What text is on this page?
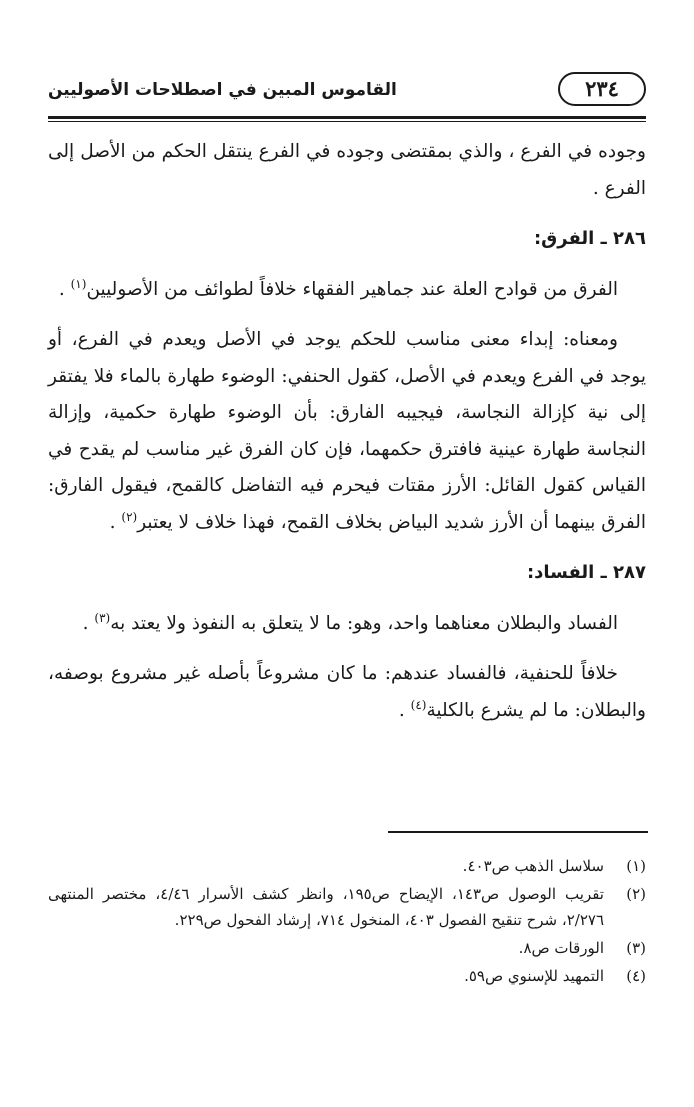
القاموس المبين في اصطلاحات الأصوليين	٢٣٤

وجوده في الفرع ، والذي بمقتضى وجوده في الفرع ينتقل الحكم من الأصل إلى الفرع .

٢٨٦ ـ الفرق:

الفرق من قوادح العلة عند جماهير الفقهاء خلافاً لطوائف من الأصوليين$^{(١)}$ .

ومعناه: إبداء معنى مناسب للحكم يوجد في الأصل ويعدم في الفرع، أو يوجد في الفرع ويعدم في الأصل، كقول الحنفي: الوضوء طهارة بالماء فلا يفتقر إلى نية كإزالة النجاسة، فيجيبه الفارق: بأن الوضوء طهارة حكمية، وإزالة النجاسة طهارة عينية فافترق حكمهما، فإن كان الفرق غير مناسب لم يقدح في القياس كقول القائل: الأرز مقتات فيحرم فيه التفاضل كالقمح، فيقول الفارق: الفرق بينهما أن الأرز شديد البياض بخلاف القمح، فهذا خلاف لا يعتبر$^{(٢)}$ .

٢٨٧ ـ الفساد:

الفساد والبطلان معناهما واحد، وهو: ما لا يتعلق به النفوذ ولا يعتد به$^{(٣)}$ .

خلافاً للحنفية، فالفساد عندهم: ما كان مشروعاً بأصله غير مشروع بوصفه، والبطلان: ما لم يشرع بالكلية$^{(٤)}$ .

(١)
سلاسل الذهب ص٤٠٣.
(٢)
تقريب الوصول ص١٤٣، الإيضاح ص١٩٥، وانظر كشف الأسرار ٤/٤٦، مختصر المنتهى ٢/٢٧٦، شرح تنقيح الفصول ٤٠٣، المنخول ٧١٤، إرشاد الفحول ص٢٢٩.
(٣)
الورقات ص٨.
(٤)
التمهيد للإسنوي ص٥٩.
